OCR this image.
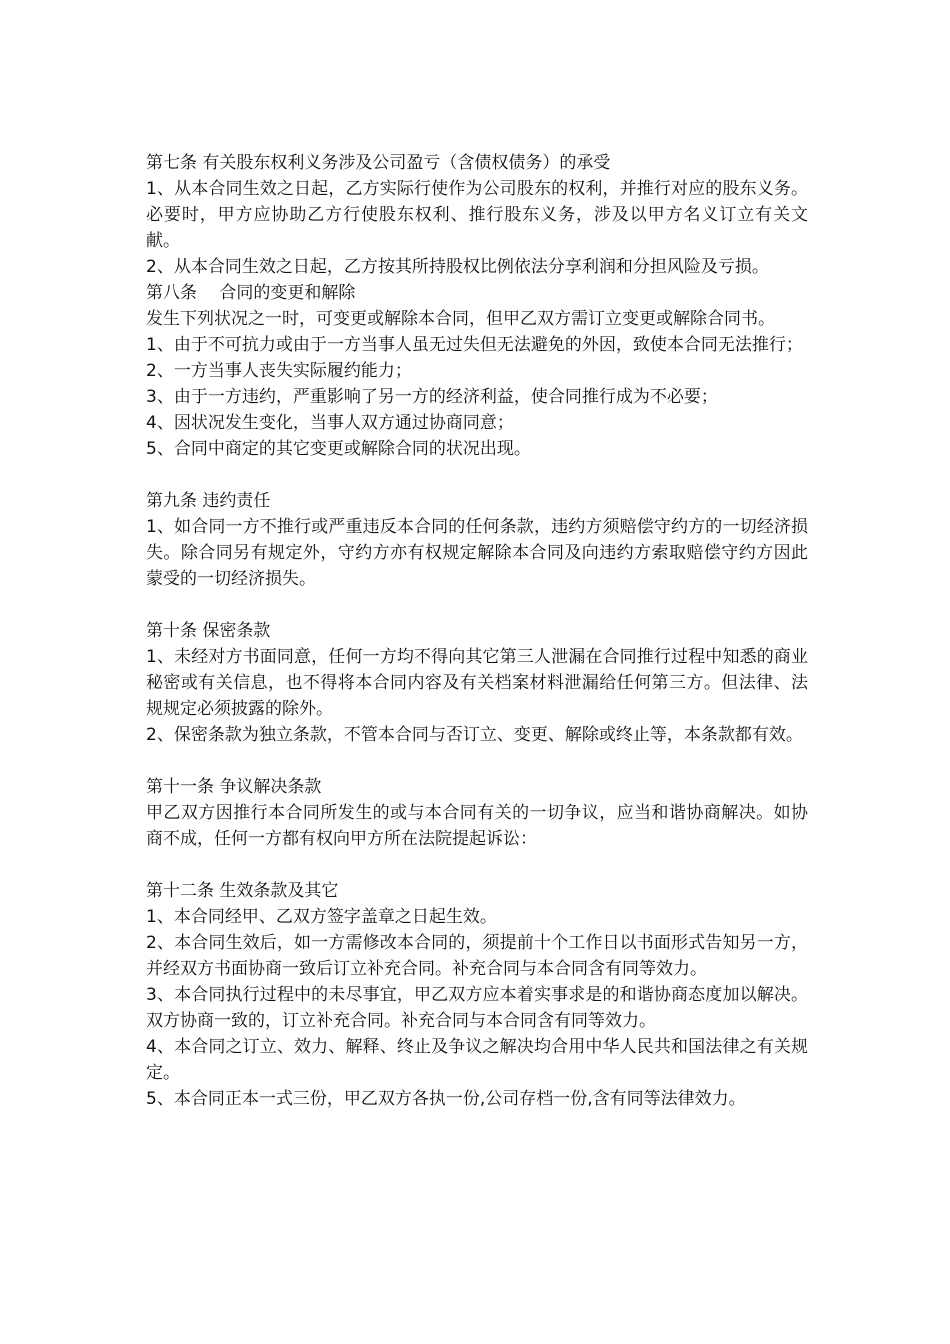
第七条 有关股东权利义务涉及公司盈亏（含债权债务）的承受

1、从本合同生效之日起，乙方实际行使作为公司股东的权利，并推行对应的股东义务。必要时，甲方应协助乙方行使股东权利、推行股东义务，涉及以甲方名义订立有关文献。

2、从本合同生效之日起，乙方按其所持股权比例依法分享利润和分担风险及亏损。

第八条　 合同的变更和解除

发生下列状况之一时，可变更或解除本合同，但甲乙双方需订立变更或解除合同书。

1、由于不可抗力或由于一方当事人虽无过失但无法避免的外因，致使本合同无法推行；

2、一方当事人丧失实际履约能力；

3、由于一方违约，严重影响了另一方的经济利益，使合同推行成为不必要；

4、因状况发生变化，当事人双方通过协商同意；

5、合同中商定的其它变更或解除合同的状况出现。

第九条 违约责任

1、如合同一方不推行或严重违反本合同的任何条款，违约方须赔偿守约方的一切经济损失。除合同另有规定外，守约方亦有权规定解除本合同及向违约方索取赔偿守约方因此蒙受的一切经济损失。

第十条 保密条款

1、未经对方书面同意，任何一方均不得向其它第三人泄漏在合同推行过程中知悉的商业秘密或有关信息，也不得将本合同内容及有关档案材料泄漏给任何第三方。但法律、法规规定必须披露的除外。

2、保密条款为独立条款，不管本合同与否订立、变更、解除或终止等，本条款都有效。

第十一条 争议解决条款

甲乙双方因推行本合同所发生的或与本合同有关的一切争议，应当和谐协商解决。如协商不成，任何一方都有权向甲方所在法院提起诉讼：

第十二条 生效条款及其它

1、本合同经甲、乙双方签字盖章之日起生效。

2、本合同生效后，如一方需修改本合同的，须提前十个工作日以书面形式告知另一方，并经双方书面协商一致后订立补充合同。补充合同与本合同含有同等效力。

3、本合同执行过程中的未尽事宜，甲乙双方应本着实事求是的和谐协商态度加以解决。双方协商一致的，订立补充合同。补充合同与本合同含有同等效力。

4、本合同之订立、效力、解释、终止及争议之解决均合用中华人民共和国法律之有关规定。

5、本合同正本一式三份，甲乙双方各执一份,公司存档一份,含有同等法律效力。
